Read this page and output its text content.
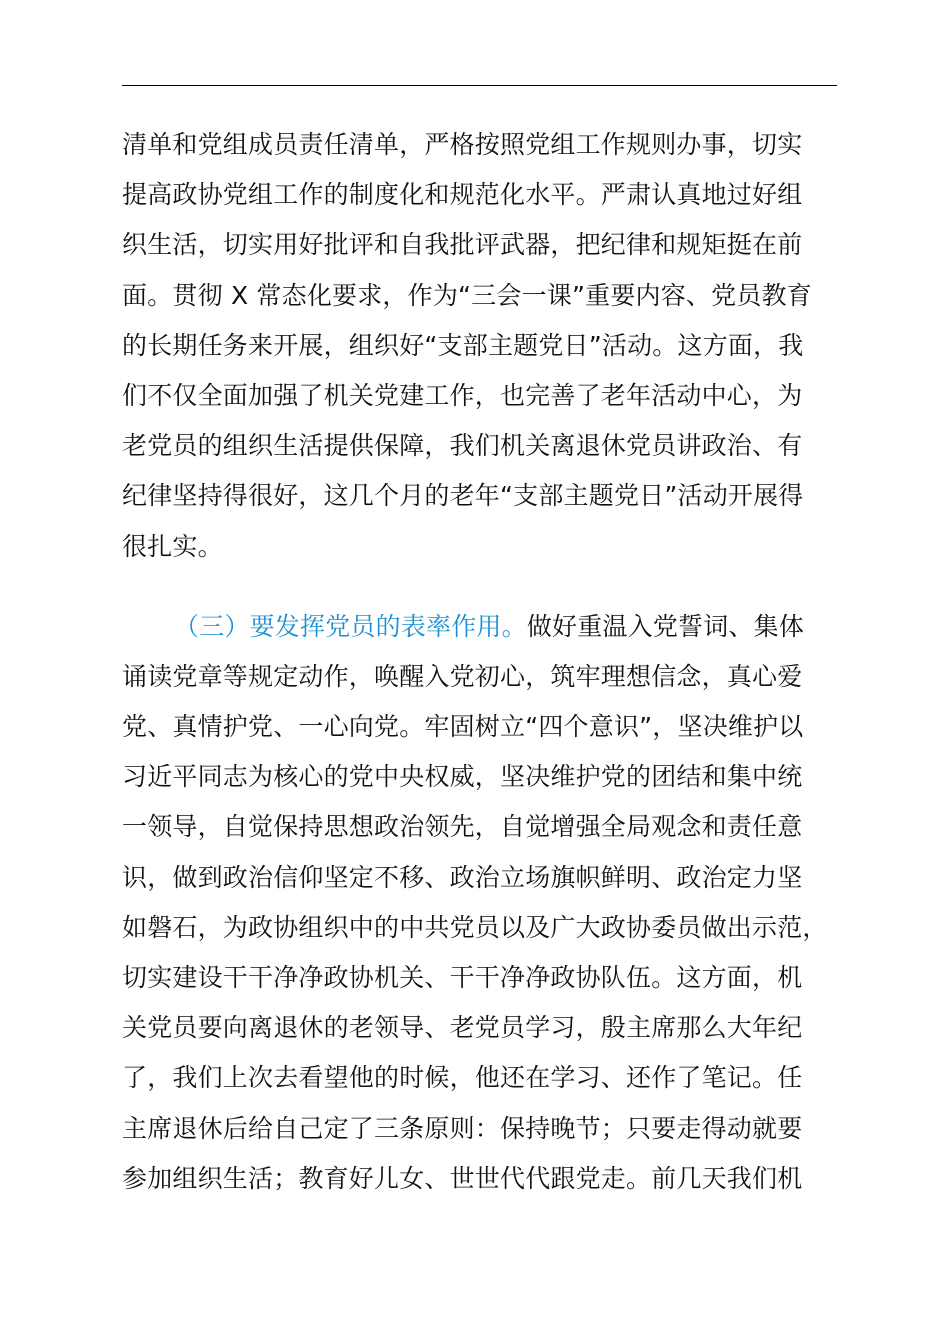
清单和党组成员责任清单，严格按照党组工作规则办事，切实
提高政协党组工作的制度化和规范化水平。严肃认真地过好组
织生活，切实用好批评和自我批评武器，把纪律和规矩挺在前
面。贯彻 X 常态化要求，作为“三会一课”重要内容、党员教育
的长期任务来开展，组织好“支部主题党日”活动。这方面，我
们不仅全面加强了机关党建工作，也完善了老年活动中心，为
老党员的组织生活提供保障，我们机关离退休党员讲政治、有
纪律坚持得很好，这几个月的老年“支部主题党日”活动开展得
很扎实。
（三）要发挥党员的表率作用。做好重温入党誓词、集体
诵读党章等规定动作，唤醒入党初心，筑牢理想信念，真心爱
党、真情护党、一心向党。牢固树立“四个意识”，坚决维护以
习近平同志为核心的党中央权威，坚决维护党的团结和集中统
一领导，自觉保持思想政治领先，自觉增强全局观念和责任意
识，做到政治信仰坚定不移、政治立场旗帜鲜明、政治定力坚
如磐石，为政协组织中的中共党员以及广大政协委员做出示范，
切实建设干干净净政协机关、干干净净政协队伍。这方面，机
关党员要向离退休的老领导、老党员学习，殷主席那么大年纪
了，我们上次去看望他的时候，他还在学习、还作了笔记。任
主席退休后给自己定了三条原则：保持晚节；只要走得动就要
参加组织生活；教育好儿女、世世代代跟党走。前几天我们机
